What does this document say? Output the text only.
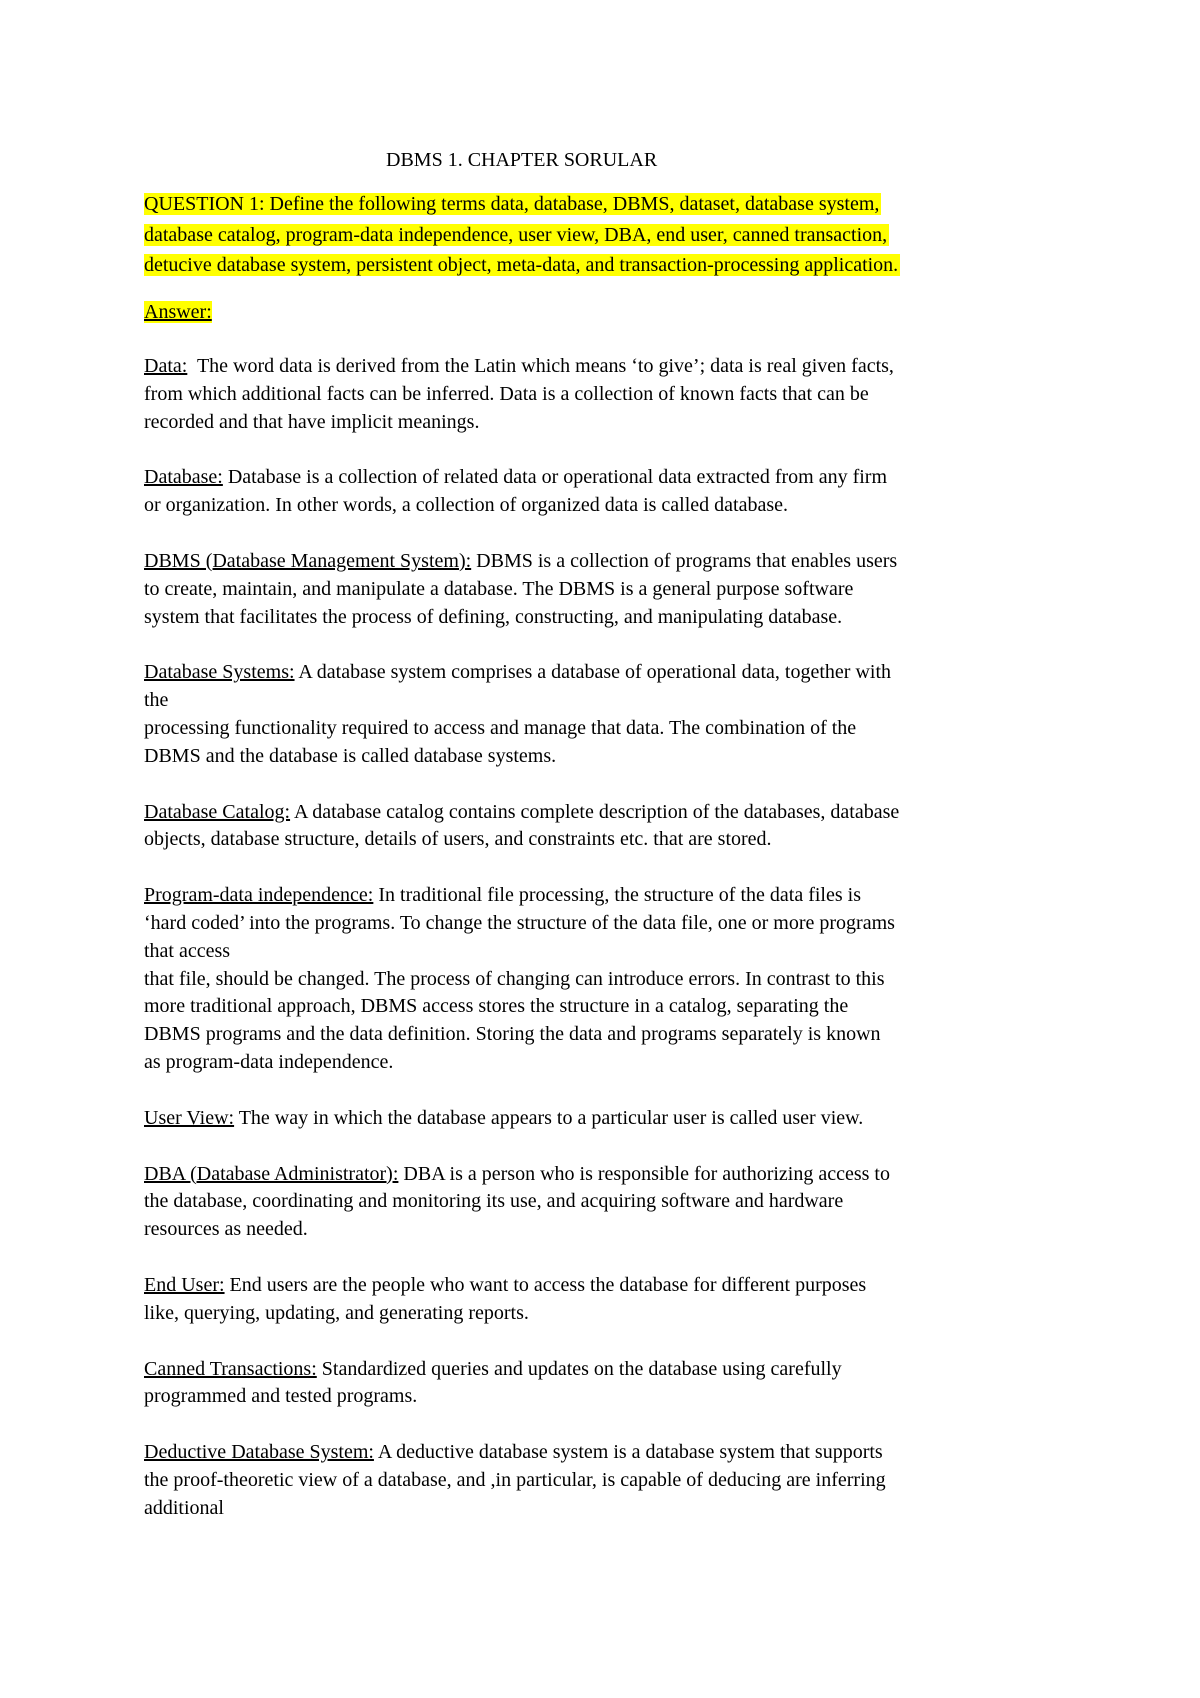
DBMS 1. CHAPTER SORULAR
QUESTION 1: Define the following terms data, database, DBMS, dataset, database system,
database catalog, program-data independence, user view, DBA, end user, canned transaction,
detucive database system, persistent object, meta-data, and transaction-processing application.
Answer:
Data:  The word data is derived from the Latin which means ‘to give’; data is real given facts,
from which additional facts can be inferred. Data is a collection of known facts that can be
recorded and that have implicit meanings.
Database: Database is a collection of related data or operational data extracted from any firm
or organization. In other words, a collection of organized data is called database.
DBMS (Database Management System): DBMS is a collection of programs that enables users
to create, maintain, and manipulate a database. The DBMS is a general purpose software
system that facilitates the process of defining, constructing, and manipulating database.
Database Systems: A database system comprises a database of operational data, together with
the
processing functionality required to access and manage that data. The combination of the
DBMS and the database is called database systems.
Database Catalog: A database catalog contains complete description of the databases, database
objects, database structure, details of users, and constraints etc. that are stored.
Program-data independence: In traditional file processing, the structure of the data files is
‘hard coded’ into the programs. To change the structure of the data file, one or more programs
that access
that file, should be changed. The process of changing can introduce errors. In contrast to this
more traditional approach, DBMS access stores the structure in a catalog, separating the
DBMS programs and the data definition. Storing the data and programs separately is known
as program-data independence.
User View: The way in which the database appears to a particular user is called user view.
DBA (Database Administrator): DBA is a person who is responsible for authorizing access to
the database, coordinating and monitoring its use, and acquiring software and hardware
resources as needed.
End User: End users are the people who want to access the database for different purposes
like, querying, updating, and generating reports.
Canned Transactions: Standardized queries and updates on the database using carefully
programmed and tested programs.
Deductive Database System: A deductive database system is a database system that supports
the proof-theoretic view of a database, and ,in particular, is capable of deducing are inferring
additional
